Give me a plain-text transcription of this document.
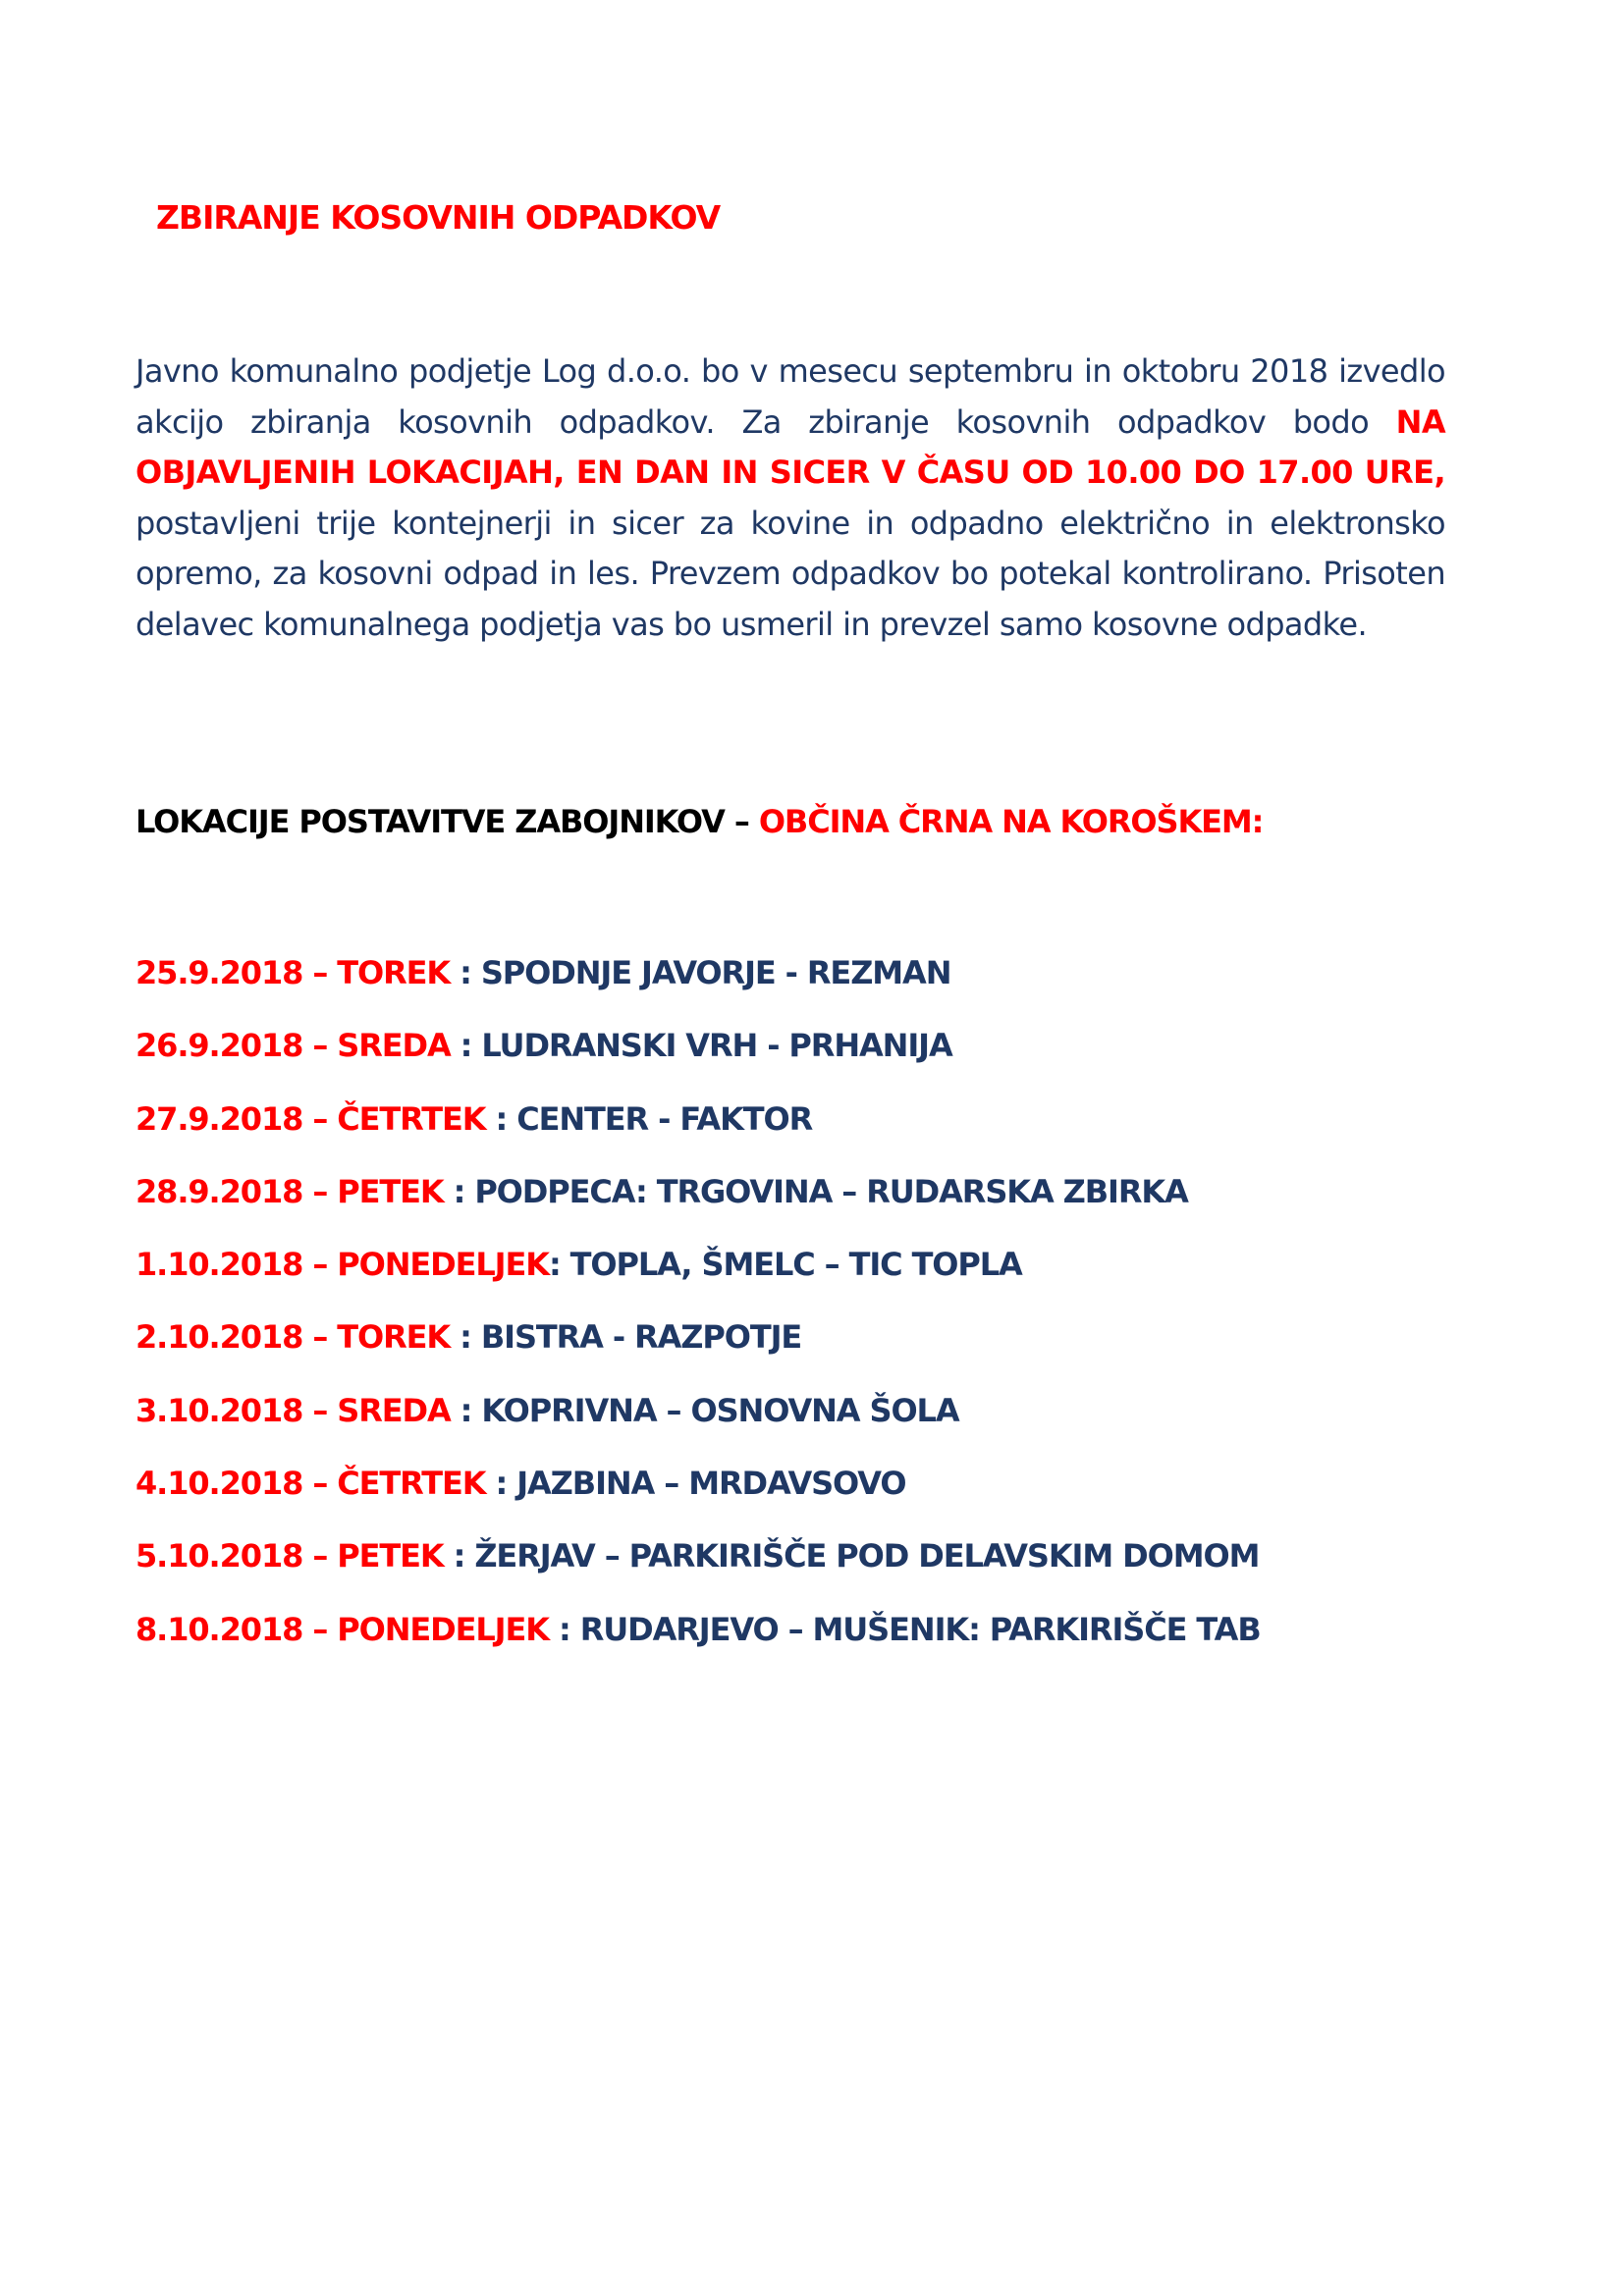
ZBIRANJE KOSOVNIH ODPADKOV

Javno komunalno podjetje Log d.o.o. bo v mesecu septembru in oktobru 2018 izvedlo akcijo zbiranja kosovnih odpadkov. Za zbiranje kosovnih odpadkov bodo NA OBJAVLJENIH LOKACIJAH, EN DAN IN SICER V ČASU OD 10.00 DO 17.00 URE, postavljeni trije kontejnerji in sicer za kovine in odpadno električno in elektronsko opremo, za kosovni odpad in les. Prevzem odpadkov bo potekal kontrolirano. Prisoten delavec komunalnega podjetja vas bo usmeril in prevzel samo kosovne odpadke.

LOKACIJE POSTAVITVE ZABOJNIKOV – OBČINA ČRNA NA KOROŠKEM:
25.9.2018 – TOREK : SPODNJE JAVORJE - REZMAN
26.9.2018 – SREDA : LUDRANSKI VRH - PRHANIJA
27.9.2018 – ČETRTEK : CENTER - FAKTOR
28.9.2018 – PETEK : PODPECA: TRGOVINA – RUDARSKA ZBIRKA
1.10.2018 – PONEDELJEK: TOPLA, ŠMELC – TIC TOPLA
2.10.2018 – TOREK : BISTRA - RAZPOTJE
3.10.2018 – SREDA : KOPRIVNA – OSNOVNA ŠOLA
4.10.2018 – ČETRTEK : JAZBINA – MRDAVSOVO
5.10.2018 – PETEK : ŽERJAV – PARKIRIŠČE POD DELAVSKIM DOMOM
8.10.2018 – PONEDELJEK : RUDARJEVO – MUŠENIK: PARKIRIŠČE TAB
